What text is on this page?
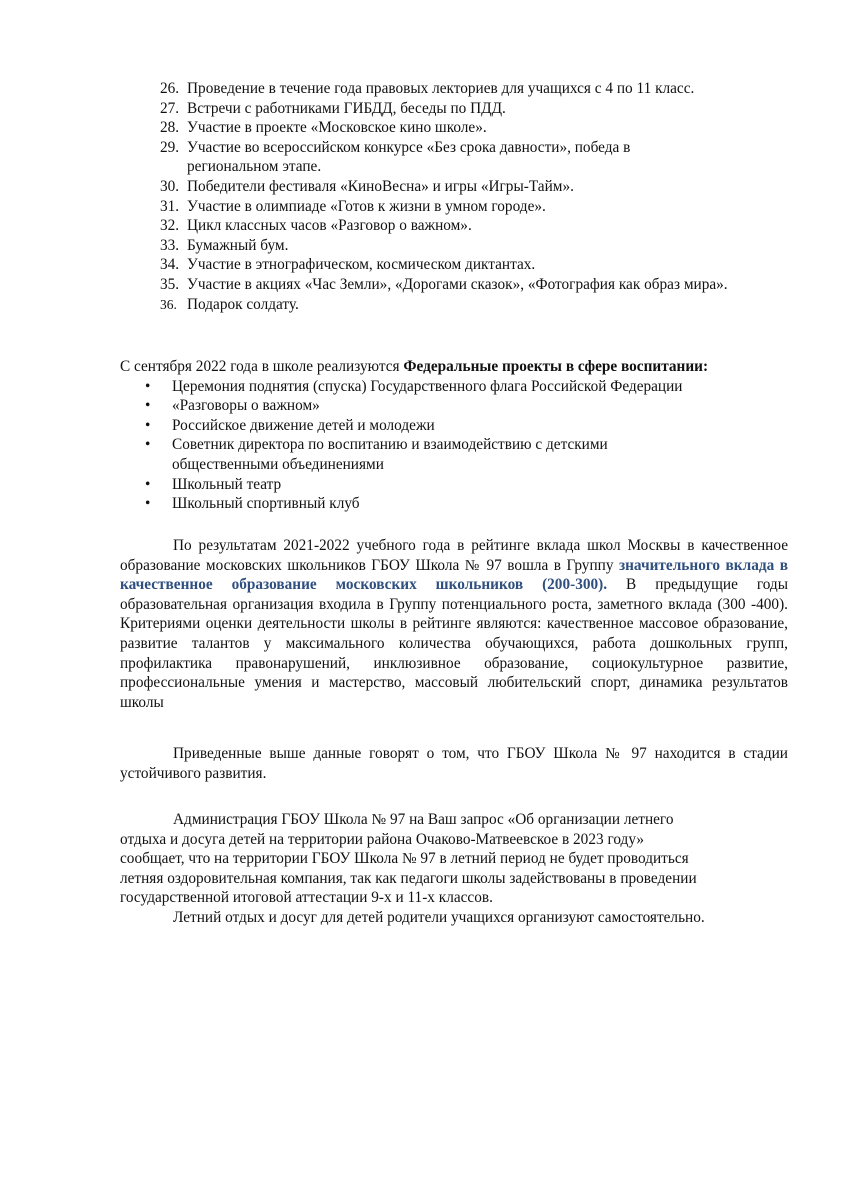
26. Проведение в течение года правовых лекториев для учащихся с 4 по 11 класс.
27. Встречи с работниками ГИБДД, беседы по ПДД.
28. Участие в проекте «Московское кино школе».
29. Участие во всероссийском конкурсе «Без срока давности», победа в региональном этапе.
30. Победители фестиваля «КиноВесна» и игры «Игры-Тайм».
31. Участие в олимпиаде «Готов к жизни в умном городе».
32. Цикл классных часов «Разговор о важном».
33. Бумажный бум.
34. Участие в этнографическом, космическом диктантах.
35. Участие в акциях «Час Земли», «Дорогами сказок», «Фотография как образ мира».
36. Подарок солдату.
С сентября 2022 года в школе реализуются Федеральные проекты в сфере воспитании:
•	Церемония поднятия (спуска) Государственного флага Российской Федерации
•	«Разговоры о важном»
•	Российское движение детей и молодежи
•	Советник директора по воспитанию и взаимодействию с детскими общественными объединениями
•	Школьный театр
•	Школьный спортивный клуб
По результатам 2021-2022 учебного года в рейтинге вклада школ Москвы в качественное образование московских школьников ГБОУ Школа № 97 вошла в Группу значительного вклада в качественное образование московских школьников (200-300). В предыдущие годы образовательная организация входила в Группу потенциального роста, заметного вклада (300 -400). Критериями оценки деятельности школы в рейтинге являются: качественное массовое образование, развитие талантов у максимального количества обучающихся, работа дошкольных групп, профилактика правонарушений, инклюзивное образование, социокультурное развитие, профессиональные умения и мастерство, массовый любительский спорт, динамика результатов школы
Приведенные выше данные говорят о том, что ГБОУ Школа № 97 находится в стадии устойчивого развития.
Администрация ГБОУ Школа № 97 на Ваш запрос «Об организации летнего
отдыха и досуга детей на территории района Очаково-Матвеевское в 2023 году»
сообщает, что на территории ГБОУ Школа № 97 в летний период не будет проводиться
летняя оздоровительная компания, так как педагоги школы задействованы в проведении
государственной итоговой аттестации 9-х и 11-х классов.
Летний отдых и досуг для детей родители учащихся организуют самостоятельно.
